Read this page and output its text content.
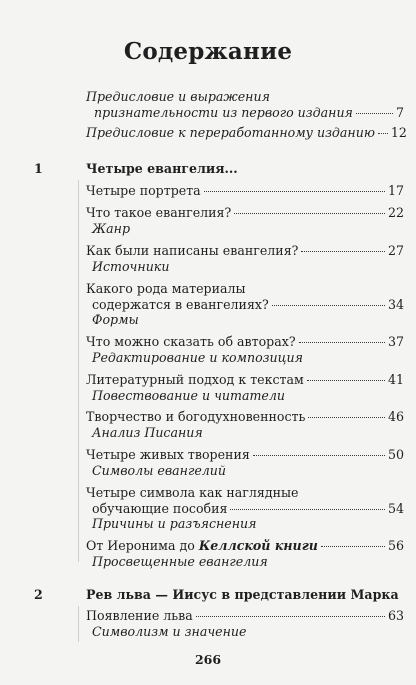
Содержание
Предисловие и выражения
признательности из первого издания	7
Предисловие к переработанному изданию 12
1	Четыре евангелия...
Четыре портрета	17
Что такое евангелия?	22
Жанр
Как были написаны евангелия?	27
Источники
Какого рода материалы
содержатся в евангелиях?	34
Формы
Что можно сказать об авторах?	37
Редактирование и композиция
Литературный подход к текстам	41
Повествование и читатели
Творчество и богодухновенность	46
Анализ Писания
Четыре живых творения	50
Символы евангелий
Четыре символа как наглядные
обучающие пособия	54
Причины и разъяснения
От Иеронима до Келлской книги	56
Просвещенные евангелия
2	Рев льва — Иисус в представлении Марка
Появление льва	63
Символизм и значение
266
